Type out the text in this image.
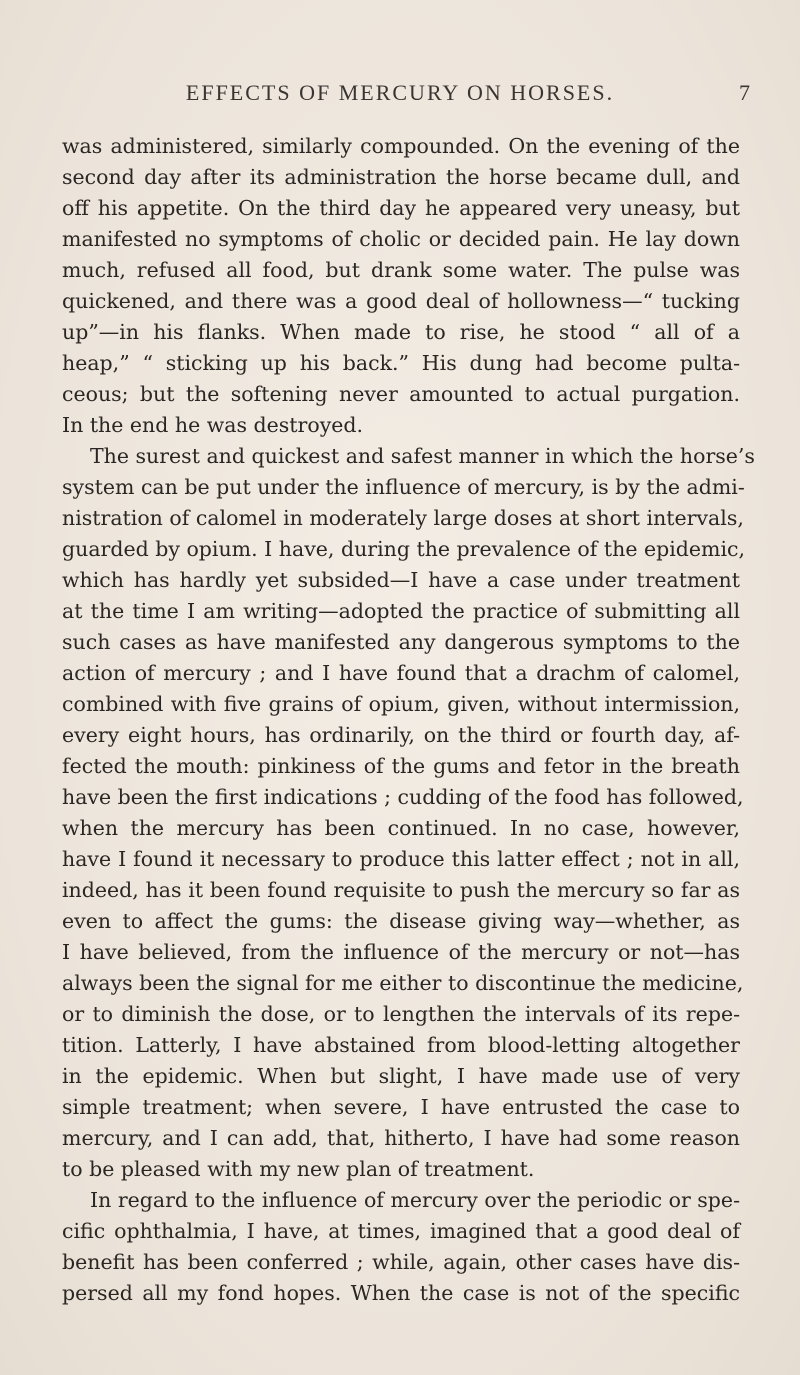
EFFECTS OF MERCURY ON HORSES.	7
was administered, similarly compounded. On the evening of the
second day after its administration the horse became dull, and
off his appetite. On the third day he appeared very uneasy, but
manifested no symptoms of cholic or decided pain. He lay down
much, refused all food, but drank some water. The pulse was
quickened, and there was a good deal of hollowness—“ tucking
up”—in his flanks. When made to rise, he stood “ all of a
heap,” “ sticking up his back.” His dung had become pulta-
ceous; but the softening never amounted to actual purgation.
In the end he was destroyed.
The surest and quickest and safest manner in which the horse’s
system can be put under the influence of mercury, is by the admi-
nistration of calomel in moderately large doses at short intervals,
guarded by opium. I have, during the prevalence of the epidemic,
which has hardly yet subsided—I have a case under treatment
at the time I am writing—adopted the practice of submitting all
such cases as have manifested any dangerous symptoms to the
action of mercury ; and I have found that a drachm of calomel,
combined with five grains of opium, given, without intermission,
every eight hours, has ordinarily, on the third or fourth day, af-
fected the mouth: pinkiness of the gums and fetor in the breath
have been the first indications ; cudding of the food has followed,
when the mercury has been continued. In no case, however,
have I found it necessary to produce this latter effect ; not in all,
indeed, has it been found requisite to push the mercury so far as
even to affect the gums: the disease giving way—whether, as
I have believed, from the influence of the mercury or not—has
always been the signal for me either to discontinue the medicine,
or to diminish the dose, or to lengthen the intervals of its repe-
tition. Latterly, I have abstained from blood-letting altogether
in the epidemic. When but slight, I have made use of very
simple treatment; when severe, I have entrusted the case to
mercury, and I can add, that, hitherto, I have had some reason
to be pleased with my new plan of treatment.
In regard to the influence of mercury over the periodic or spe-
cific ophthalmia, I have, at times, imagined that a good deal of
benefit has been conferred ; while, again, other cases have dis-
persed all my fond hopes. When the case is not of the specific
